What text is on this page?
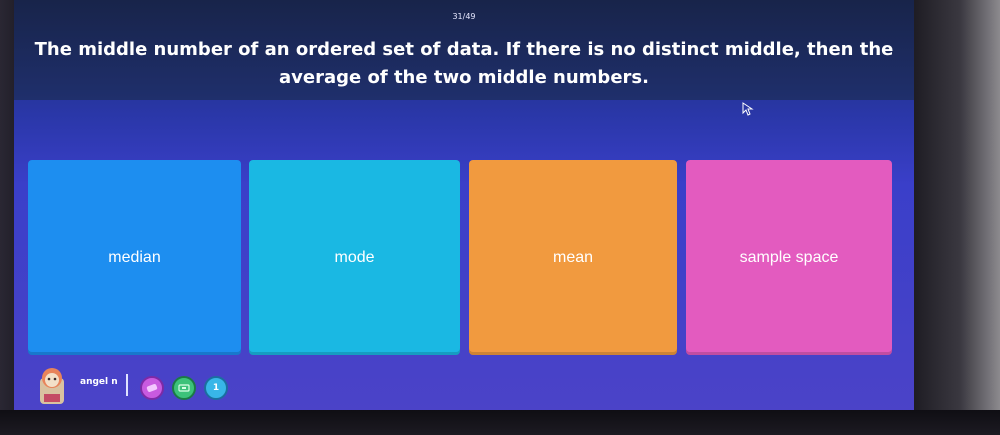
31/49
The middle number of an ordered set of data. If there is no distinct middle, then the average of the two middle numbers.
median	mode	mean	sample space
angel n
1
